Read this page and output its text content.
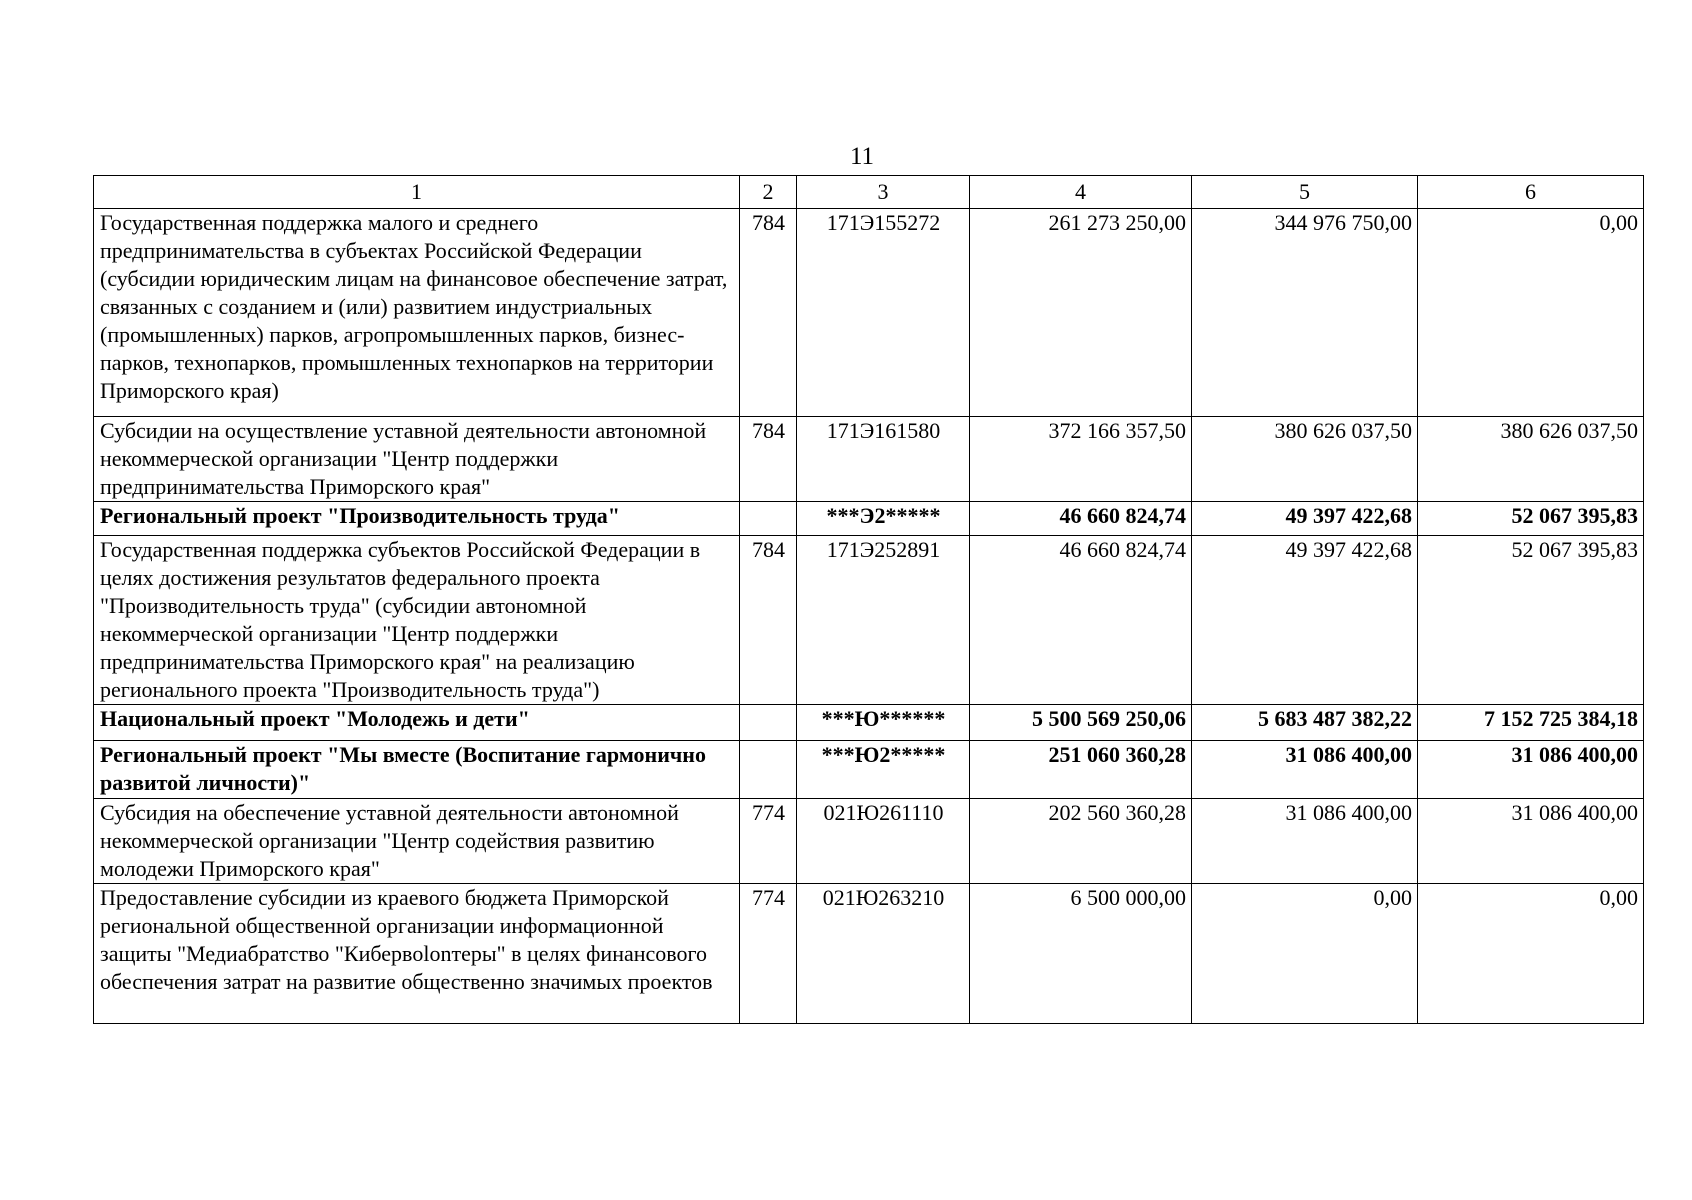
11
1	2	3	4	5	6
Государственная поддержка малого и среднего предпринимательства в субъектах Российской Федерации (субсидии юридическим лицам на финансовое обеспечение затрат, связанных с созданием и (или) развитием индустриальных (промышленных) парков, агропромышленных парков, бизнес-парков, технопарков, промышленных технопарков на территории Приморского края)	784	171Э155272	261 273 250,00	344 976 750,00	0,00
Субсидии на осуществление уставной деятельности автономной некоммерческой организации "Центр поддержки предпринимательства Приморского края"	784	171Э161580	372 166 357,50	380 626 037,50	380 626 037,50
Региональный проект "Производительность труда"		***Э2*****	46 660 824,74	49 397 422,68	52 067 395,83
Государственная поддержка субъектов Российской Федерации в целях достижения результатов федерального проекта "Производительность труда" (субсидии автономной некоммерческой организации "Центр поддержки предпринимательства Приморского края" на реализацию регионального проекта "Производительность труда")	784	171Э252891	46 660 824,74	49 397 422,68	52 067 395,83
Национальный проект "Молодежь и дети"		***Ю******	5 500 569 250,06	5 683 487 382,22	7 152 725 384,18
Региональный проект "Мы вместе (Воспитание гармонично развитой личности)"		***Ю2*****	251 060 360,28	31 086 400,00	31 086 400,00
Субсидия на обеспечение уставной деятельности автономной некоммерческой организации "Центр содействия развитию молодежи Приморского края"	774	021Ю261110	202 560 360,28	31 086 400,00	31 086 400,00
Предоставление субсидии из краевого бюджета Приморской региональной общественной организации информационной защиты "Медиабратство "Кибервolonтеры" в целях финансового обеспечения затрат на развитие общественно значимых проектов	774	021Ю263210	6 500 000,00	0,00	0,00
